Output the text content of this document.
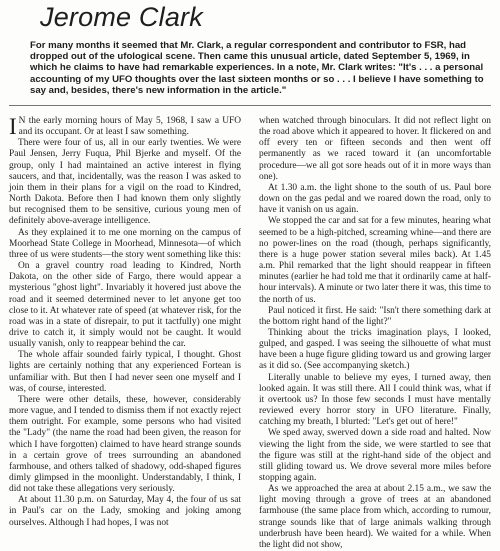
Jerome Clark

For many months it seemed that Mr. Clark, a regular correspondent and contributor to FSR, had dropped out of the ufological scene. Then came this unusual article, dated September 5, 1969, in which he claims to have had remarkable experiences. In a note, Mr. Clark writes: "It's . . . a personal accounting of my UFO thoughts over the last sixteen months or so . . . I believe I have something to say and, besides, there's new information in the article."

I N the early morning hours of May 5, 1968, I saw a UFO and its occupant. Or at least I saw something.

There were four of us, all in our early twenties. We were Paul Jensen, Jerry Fuqua, Phil Bjerke and myself. Of the group, only I had maintained an active interest in flying saucers, and that, incidentally, was the reason I was asked to join them in their plans for a vigil on the road to Kindred, North Dakota. Before then I had known them only slightly but recognised them to be sensitive, curious young men of definitely above-average intelligence.

As they explained it to me one morning on the campus of Moorhead State College in Moorhead, Minnesota—of which three of us were students—the story went something like this:

On a gravel country road leading to Kindred, North Dakota, on the other side of Fargo, there would appear a mysterious "ghost light". Invariably it hovered just above the road and it seemed determined never to let anyone get too close to it. At whatever rate of speed (at whatever risk, for the road was in a state of disrepair, to put it tactfully) one might drive to catch it, it simply would not be caught. It would usually vanish, only to reappear behind the car.

The whole affair sounded fairly typical, I thought. Ghost lights are certainly nothing that any experienced Fortean is unfamiliar with. But then I had never seen one myself and I was, of course, interested.

There were other details, these, however, considerably more vague, and I tended to dismiss them if not exactly reject them outright. For example, some persons who had visited the "Lady" (the name the road had been given, the reason for which I have forgotten) claimed to have heard strange sounds in a certain grove of trees surrounding an abandoned farmhouse, and others talked of shadowy, odd-shaped figures dimly glimpsed in the moonlight. Understandably, I think, I did not take these allegations very seriously.

At about 11.30 p.m. on Saturday, May 4, the four of us sat in Paul's car on the Lady, smoking and joking among ourselves. Although I had hopes, I was not

when watched through binoculars. It did not reflect light on the road above which it appeared to hover. It flickered on and off every ten or fifteen seconds and then went off permanently as we raced toward it (an uncomfortable procedure—we all got sore heads out of it in more ways than one).

At 1.30 a.m. the light shone to the south of us. Paul bore down on the gas pedal and we roared down the road, only to have it vanish on us again.

We stopped the car and sat for a few minutes, hearing what seemed to be a high-pitched, screaming whine—and there are no power-lines on the road (though, perhaps significantly, there is a huge power station several miles back). At 1.45 a.m. Phil remarked that the light should reappear in fifteen minutes (earlier he had told me that it ordinarily came at half-hour intervals). A minute or two later there it was, this time to the north of us.

Paul noticed it first. He said: "Isn't there something dark at the bottom right hand of the light?"

Thinking about the tricks imagination plays, I looked, gulped, and gasped. I was seeing the silhouette of what must have been a huge figure gliding toward us and growing larger as it did so. (See accompanying sketch.)

Literally unable to believe my eyes, I turned away, then looked again. It was still there. All I could think was, what if it overtook us? In those few seconds I must have mentally reviewed every horror story in UFO literature. Finally, catching my breath, I blurted: "Let's get out of here!"

We sped away, swerved down a side road and halted. Now viewing the light from the side, we were startled to see that the figure was still at the right-hand side of the object and still gliding toward us. We drove several more miles before stopping again.

As we approached the area at about 2.15 a.m., we saw the light moving through a grove of trees at an abandoned farmhouse (the same place from which, according to rumour, strange sounds like that of large animals walking through underbrush have been heard). We waited for a while. When the light did not show,
